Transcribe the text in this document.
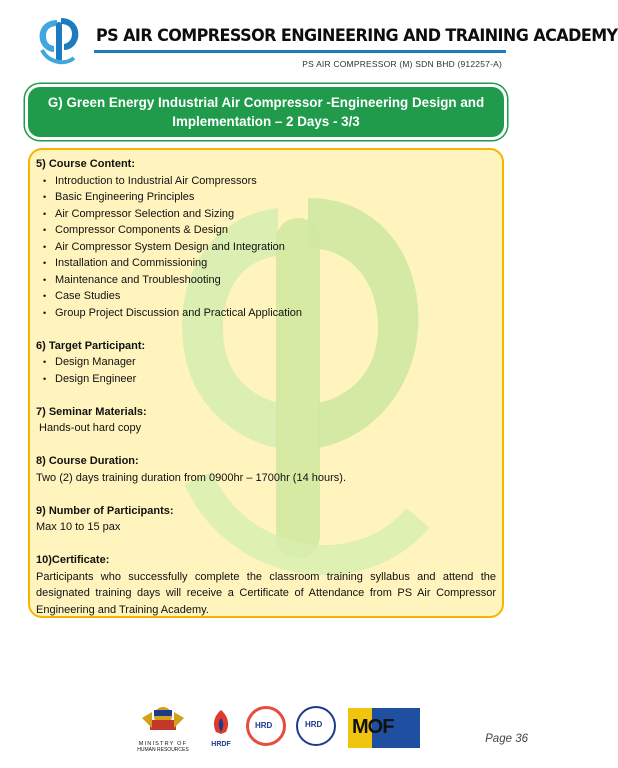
PS AIR COMPRESSOR ENGINEERING AND TRAINING ACADEMY
PS AIR COMPRESSOR (M) SDN BHD (912257-A)
G) Green Energy Industrial Air Compressor -Engineering Design and
Implementation – 2 Days - 3/3
5) Course Content:
• Introduction to Industrial Air Compressors
• Basic Engineering Principles
• Air Compressor Selection and Sizing
• Compressor Components & Design
• Air Compressor System Design and Integration
• Installation and Commissioning
• Maintenance and Troubleshooting
• Case Studies
• Group Project Discussion and Practical Application
6) Target Participant:
• Design Manager
• Design Engineer
7) Seminar Materials:
Hands-out hard copy
8) Course Duration:
Two (2) days training duration from 0900hr – 1700hr (14 hours).
9) Number of Participants:
Max 10 to 15 pax
10)Certificate:
Participants who successfully complete the classroom training syllabus and attend the designated training days will receive a Certificate of Attendance from PS Air Compressor Engineering and Training Academy.
MINISTRY OF
HUMAN RESOURCES
HRDF
HRD	HRD MOF
Page 36
